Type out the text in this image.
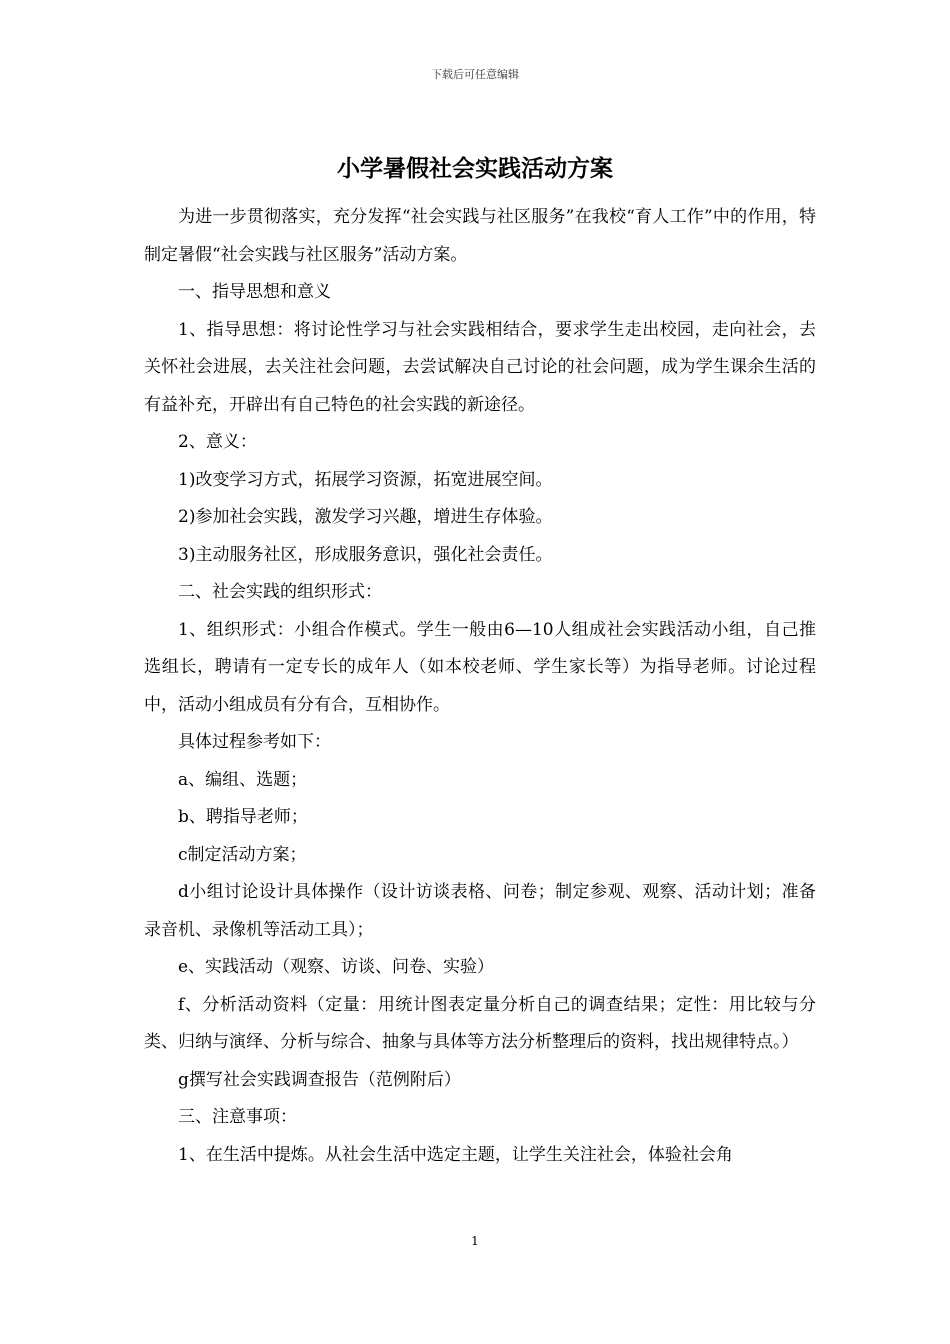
下载后可任意编辑
小学暑假社会实践活动方案

为进一步贯彻落实，充分发挥“社会实践与社区服务”在我校“育人工作”中的作用，特制定暑假“社会实践与社区服务”活动方案。

一、指导思想和意义

1、指导思想：将讨论性学习与社会实践相结合，要求学生走出校园，走向社会，去关怀社会进展，去关注社会问题，去尝试解决自己讨论的社会问题，成为学生课余生活的有益补充，开辟出有自己特色的社会实践的新途径。

2、意义：

1)改变学习方式，拓展学习资源，拓宽进展空间。

2)参加社会实践，激发学习兴趣，增进生存体验。

3)主动服务社区，形成服务意识，强化社会责任。

二、社会实践的组织形式：

1、组织形式：小组合作模式。学生一般由6—10人组成社会实践活动小组，自己推选组长，聘请有一定专长的成年人（如本校老师、学生家长等）为指导老师。讨论过程中，活动小组成员有分有合，互相协作。

具体过程参考如下：

a、编组、选题；

b、聘指导老师；

c制定活动方案；

d小组讨论设计具体操作（设计访谈表格、问卷；制定参观、观察、活动计划；准备录音机、录像机等活动工具）；

e、实践活动（观察、访谈、问卷、实验）

f、分析活动资料（定量：用统计图表定量分析自己的调查结果；定性：用比较与分类、归纳与演绎、分析与综合、抽象与具体等方法分析整理后的资料，找出规律特点。）

g撰写社会实践调查报告（范例附后）

三、注意事项：

1、在生活中提炼。从社会生活中选定主题，让学生关注社会，体验社会角

1
